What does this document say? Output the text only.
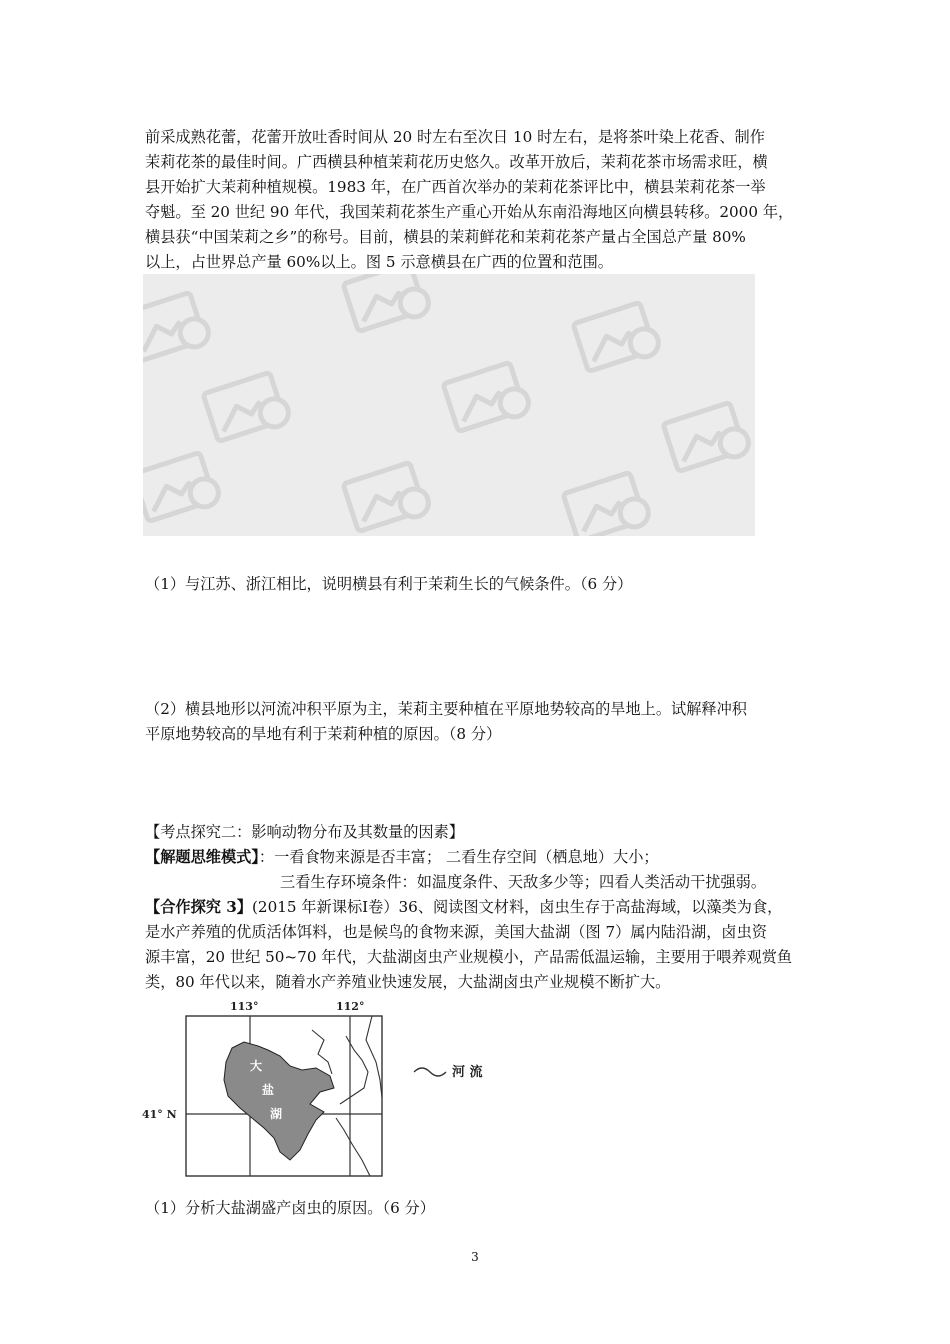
前采成熟花蕾，花蕾开放吐香时间从 20 时左右至次日 10 时左右，是将茶叶染上花香、制作
茉莉花茶的最佳时间。广西横县种植茉莉花历史悠久。改革开放后，茉莉花茶市场需求旺，横
县开始扩大茉莉种植规模。1983 年，在广西首次举办的茉莉花茶评比中，横县茉莉花茶一举
夺魁。至 20 世纪 90 年代，我国茉莉花茶生产重心开始从东南沿海地区向横县转移。2000 年，
横县获“中国茉莉之乡”的称号。目前，横县的茉莉鲜花和茉莉花茶产量占全国总产量 80%
以上，占世界总产量 60%以上。图 5 示意横县在广西的位置和范围。
（1）与江苏、浙江相比，说明横县有利于茉莉生长的气候条件。（6 分）
（2）横县地形以河流冲积平原为主，茉莉主要种植在平原地势较高的旱地上。试解释冲积
平原地势较高的旱地有利于茉莉种植的原因。（8 分）
【考点探究二：影响动物分布及其数量的因素】
【解题思维模式】：一看食物来源是否丰富； 二看生存空间（栖息地）大小；
三看生存环境条件：如温度条件、天敌多少等；四看人类活动干扰强弱。
【合作探究 3】(2015 年新课标Ⅰ卷）36、阅读图文材料，卤虫生存于高盐海域，以藻类为食，
是水产养殖的优质活体饵料，也是候鸟的食物来源，美国大盐湖（图 7）属内陆沿湖，卤虫资
源丰富，20 世纪 50~70 年代，大盐湖卤虫产业规模小，产品需低温运输，主要用于喂养观赏鱼
类，80 年代以来，随着水产养殖业快速发展，大盐湖卤虫产业规模不断扩大。
113°	112°
大
盐
湖
41° N
河 流
（1）分析大盐湖盛产卤虫的原因。（6 分）
3
